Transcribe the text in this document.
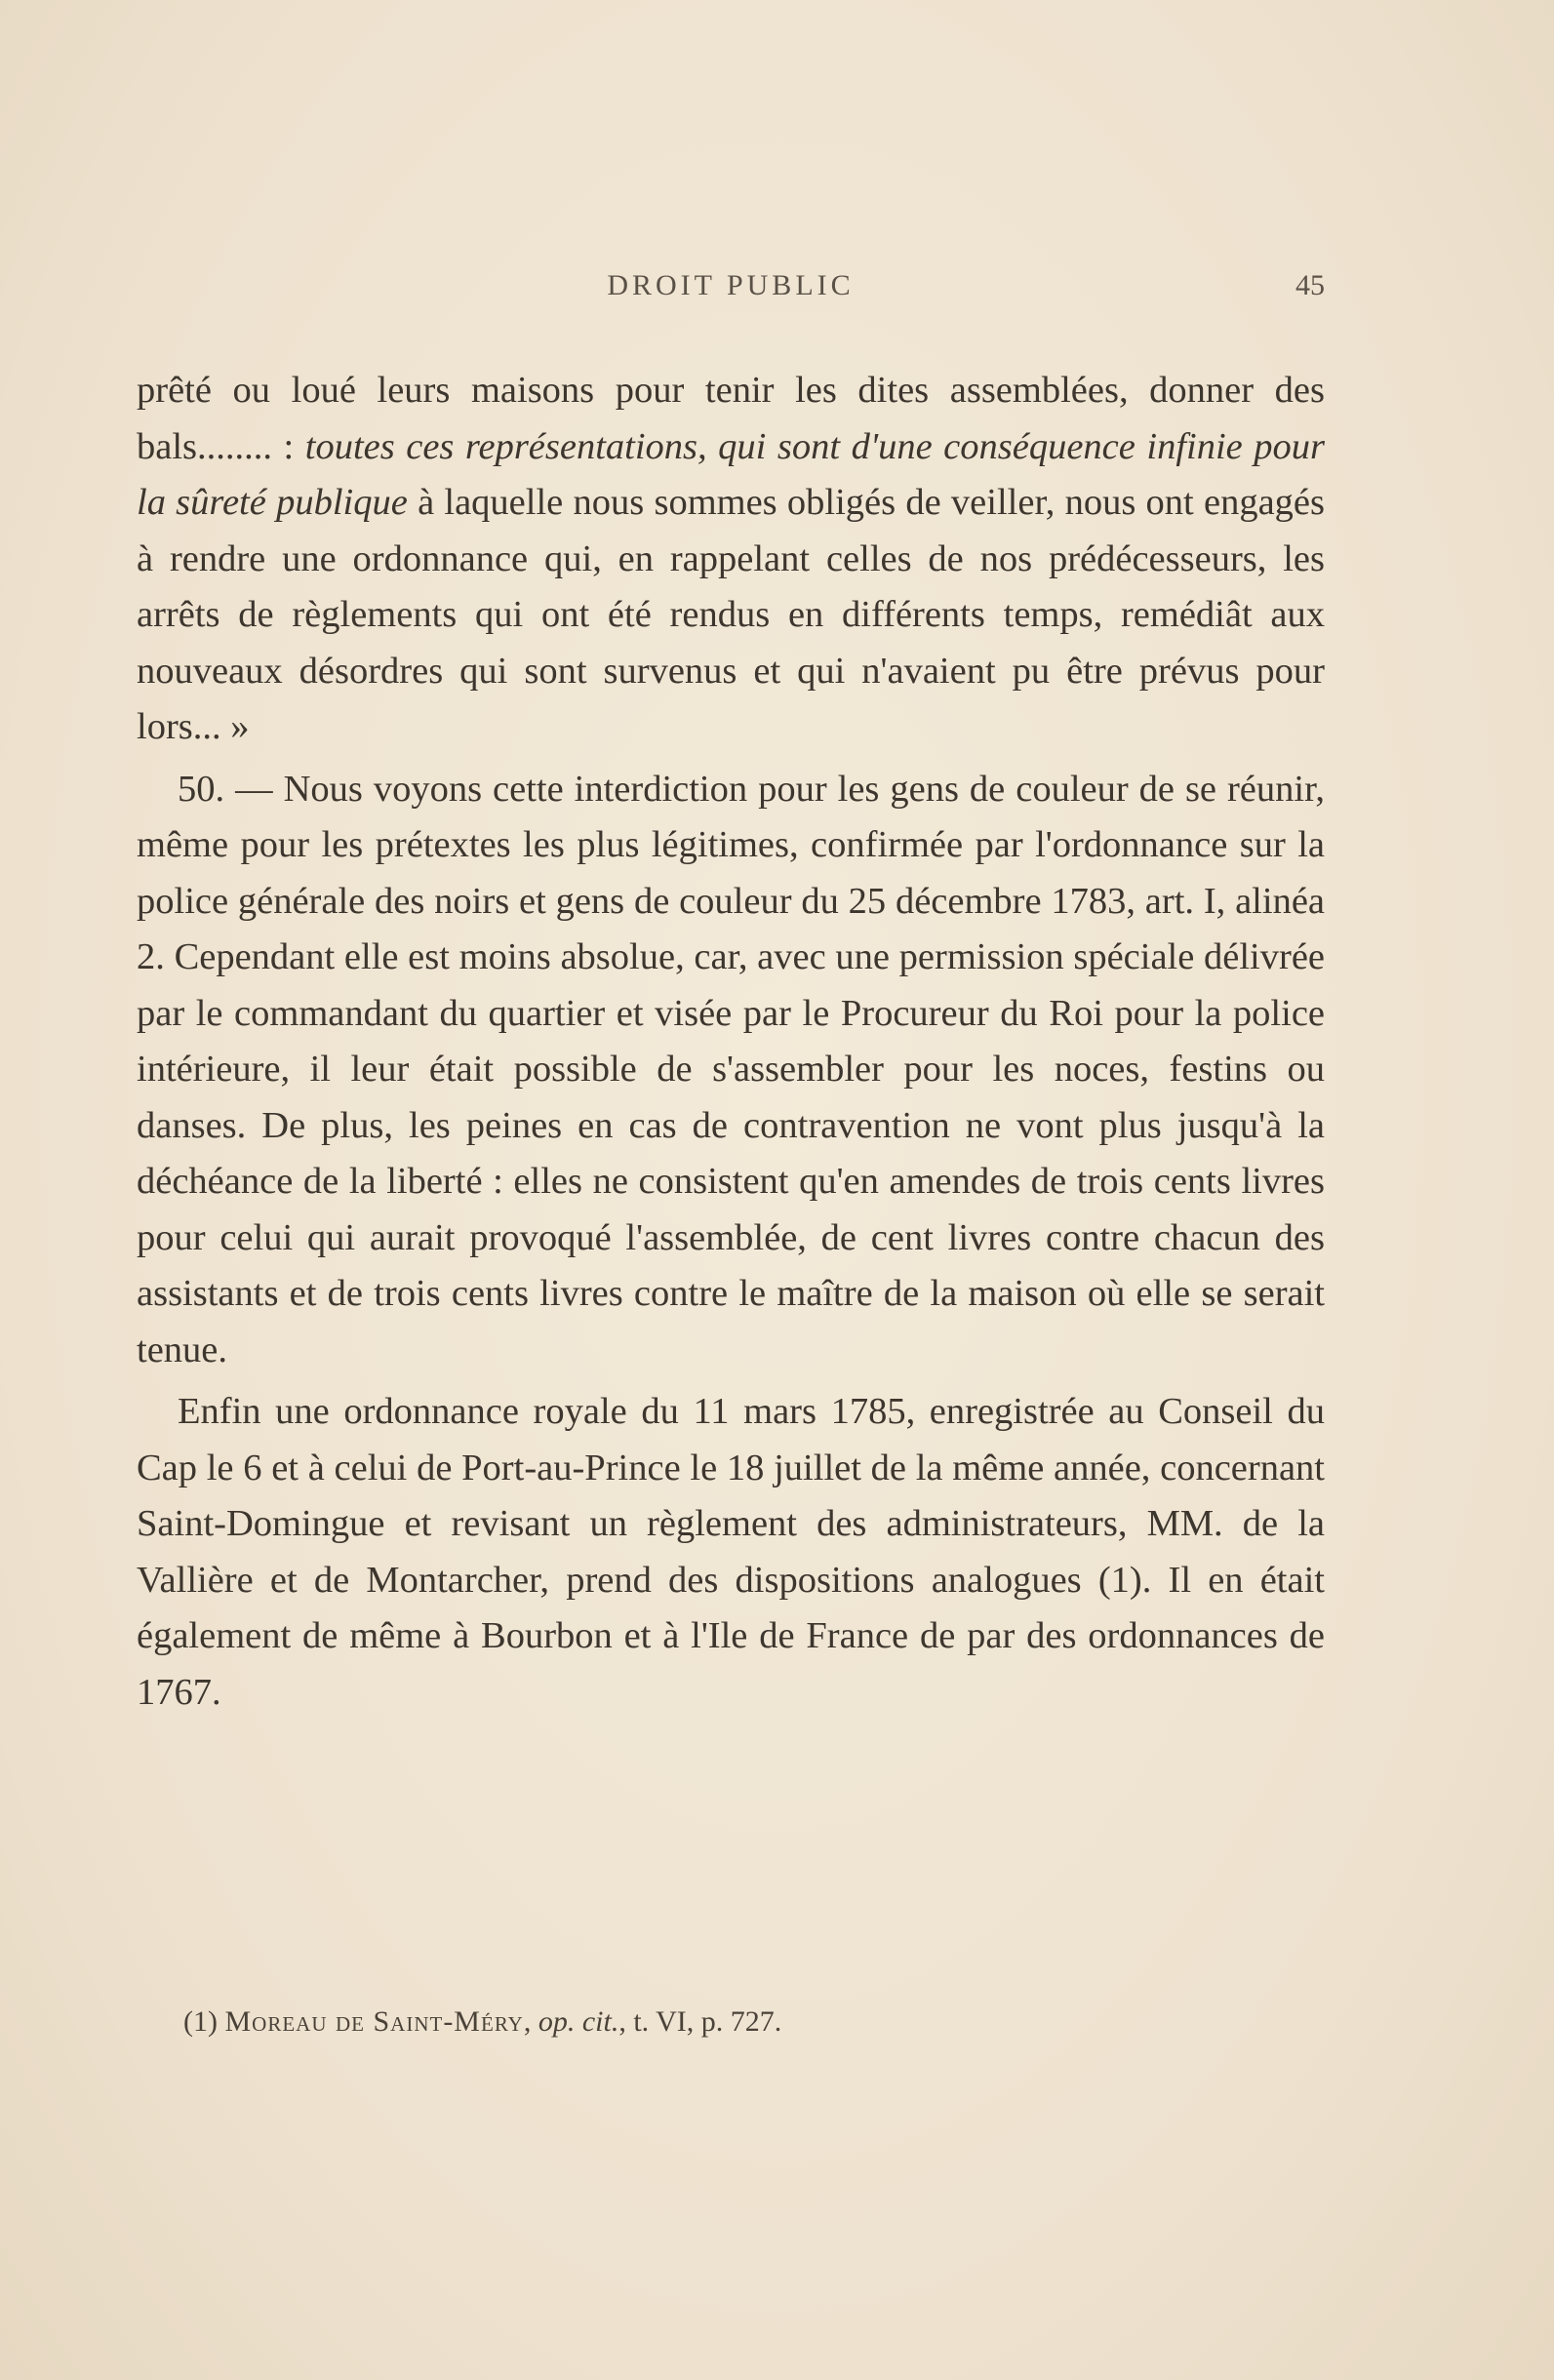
DROIT PUBLIC	45

prêté ou loué leurs maisons pour tenir les dites assemblées, donner des bals........ : toutes ces représentations, qui sont d'une conséquence infinie pour la sûreté publique à laquelle nous sommes obligés de veiller, nous ont engagés à rendre une ordonnance qui, en rappelant celles de nos prédécesseurs, les arrêts de règlements qui ont été rendus en différents temps, remédiât aux nouveaux désordres qui sont survenus et qui n'avaient pu être prévus pour lors... »

50. — Nous voyons cette interdiction pour les gens de couleur de se réunir, même pour les prétextes les plus légitimes, confirmée par l'ordonnance sur la police générale des noirs et gens de couleur du 25 décembre 1783, art. I, alinéa 2. Cependant elle est moins absolue, car, avec une permission spéciale délivrée par le commandant du quartier et visée par le Procureur du Roi pour la police intérieure, il leur était possible de s'assembler pour les noces, festins ou danses. De plus, les peines en cas de contravention ne vont plus jusqu'à la déchéance de la liberté : elles ne consistent qu'en amendes de trois cents livres pour celui qui aurait provoqué l'assemblée, de cent livres contre chacun des assistants et de trois cents livres contre le maître de la maison où elle se serait tenue.

Enfin une ordonnance royale du 11 mars 1785, enregistrée au Conseil du Cap le 6 et à celui de Port-au-Prince le 18 juillet de la même année, concernant Saint-Domingue et revisant un règlement des administrateurs, MM. de la Vallière et de Montarcher, prend des dispositions analogues (1). Il en était également de même à Bourbon et à l'Ile de France de par des ordonnances de 1767.

(1) Moreau de Saint-Méry, op. cit., t. VI, p. 727.
